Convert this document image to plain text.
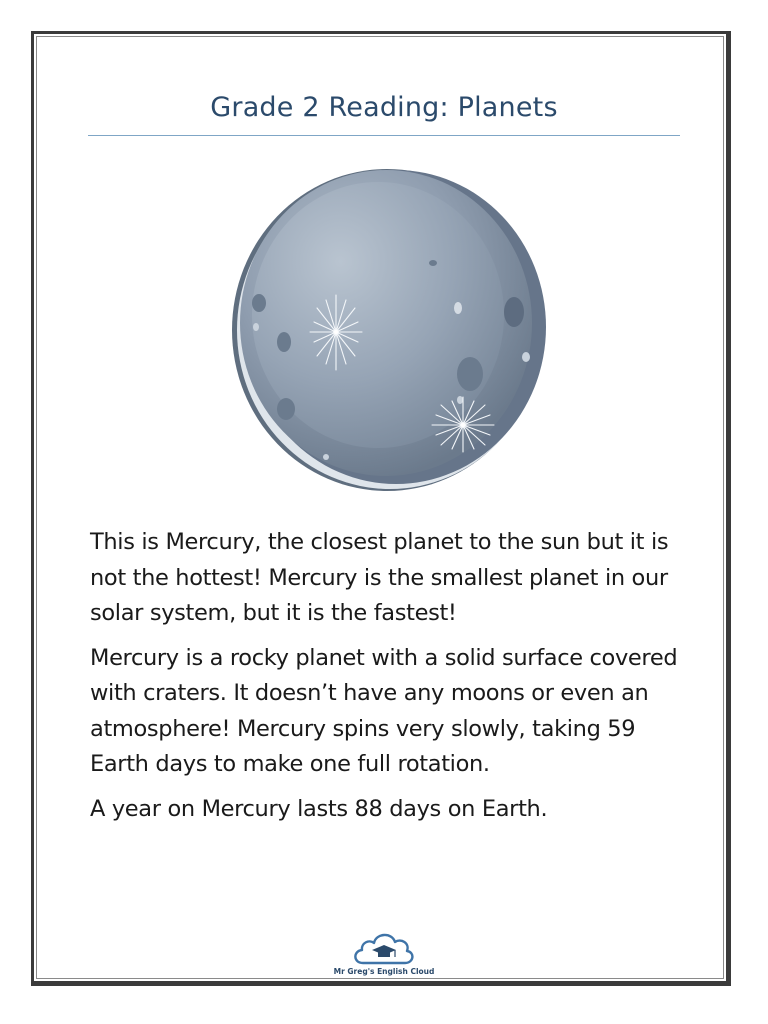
Grade 2 Reading: Planets

This is Mercury, the closest planet to the sun but it is not the hottest! Mercury is the smallest planet in our solar system, but it is the fastest!

Mercury is a rocky planet with a solid surface covered with craters. It doesn’t have any moons or even an atmosphere! Mercury spins very slowly, taking 59 Earth days to make one full rotation.

A year on Mercury lasts 88 days on Earth.

Mr Greg's English Cloud
